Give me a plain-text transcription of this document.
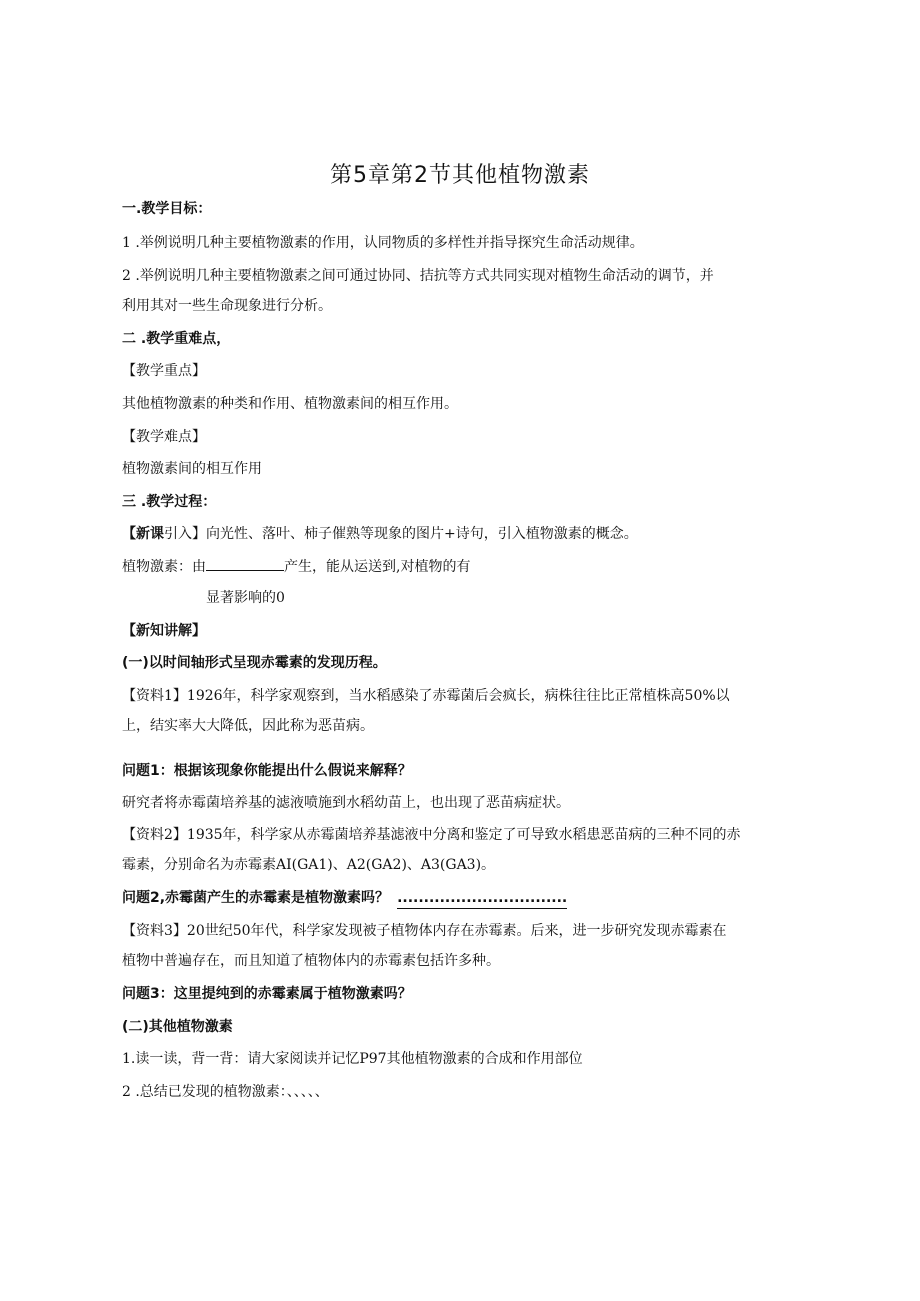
第5章第2节其他植物激素
一.教学目标：
1 .举例说明几种主要植物激素的作用，认同物质的多样性并指导探究生命活动规律。
2 .举例说明几种主要植物激素之间可通过协同、拮抗等方式共同实现对植物生命活动的调节，并
利用其对一些生命现象进行分析。
二 .教学重难点，
【教学重点】
其他植物激素的种类和作用、植物激素间的相互作用。
【教学难点】
植物激素间的相互作用
三 .教学过程：
【新课引入】向光性、落叶、柿子催熟等现象的图片+诗句，引入植物激素的概念。
植物激素：由	产生，能从运送到,对植物的有
显著影响的0
【新知讲解】
(一)以时间轴形式呈现赤霉素的发现历程。
【资料1】1926年，科学家观察到，当水稻感染了赤霉菌后会疯长，病株往往比正常植株高50%以
上，结实率大大降低，因此称为恶苗病。
问题1：根据该现象你能提出什么假说来解释？
研究者将赤霉菌培养基的滤液喷施到水稻幼苗上，也出现了恶苗病症状。
【资料2】1935年，科学家从赤霉菌培养基滤液中分离和鉴定了可导致水稻患恶苗病的三种不同的赤
霉素，分别命名为赤霉素AI(GA1)、A2(GA2)、A3(GA3)。
问题2,赤霉菌产生的赤霉素是植物激素吗？ ................................
【资料3】20世纪50年代，科学家发现被子植物体内存在赤霉素。后来，进一步研究发现赤霉素在
植物中普遍存在，而且知道了植物体内的赤霉素包括许多种。
问题3：这里提纯到的赤霉素属于植物激素吗？
(二)其他植物激素
1.读一读，背一背：请大家阅读并记忆P97其他植物激素的合成和作用部位
2 .总结已发现的植物激素：、、、、、
